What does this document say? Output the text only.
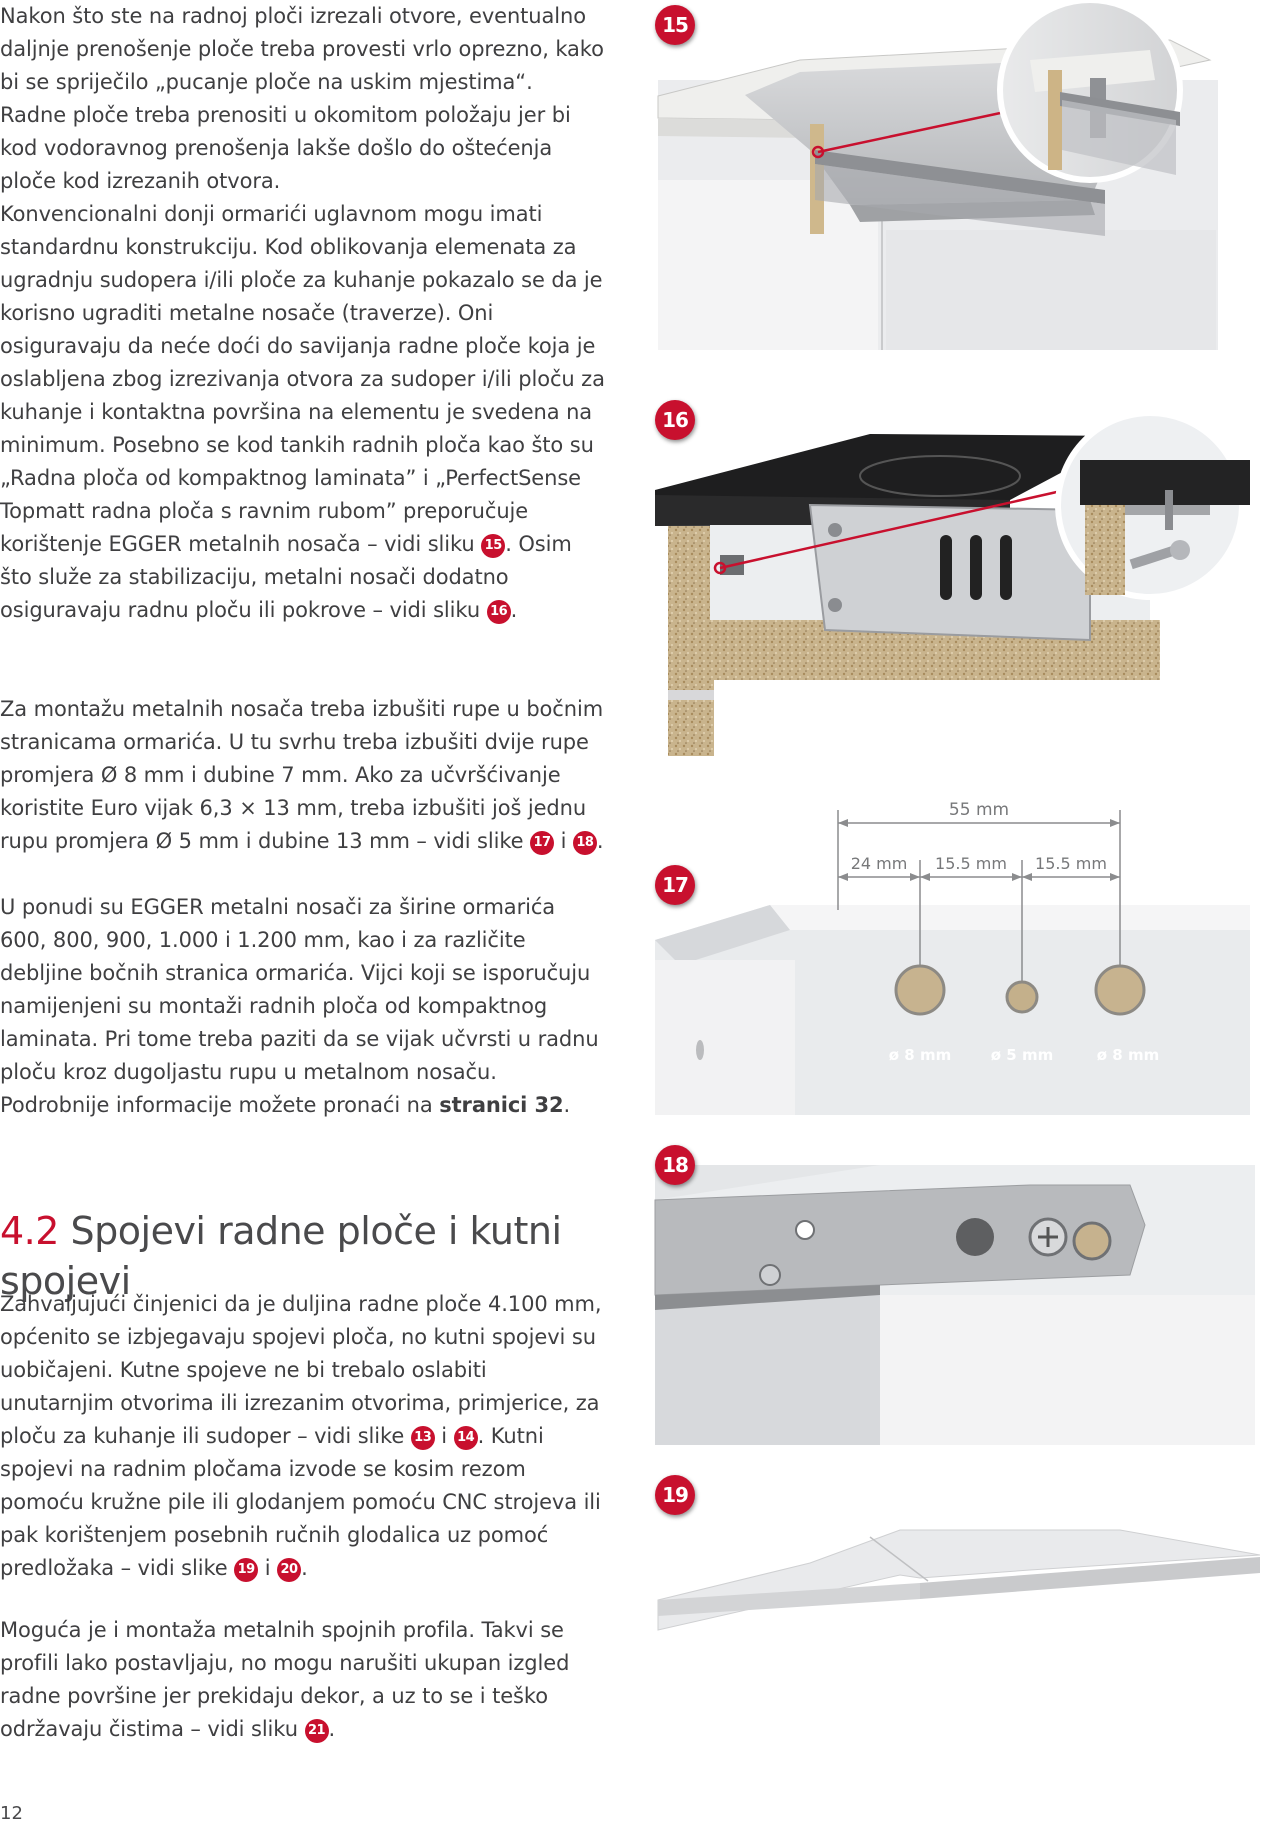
Nakon što ste na radnoj ploči izrezali otvore, eventualno daljnje prenošenje ploče treba provesti vrlo oprezno, kako bi se spriječilo „pucanje ploče na uskim mjestima“. Radne ploče treba prenositi u okomitom položaju jer bi kod vodoravnog prenošenja lakše došlo do oštećenja ploče kod izrezanih otvora.

Konvencionalni donji ormarići uglavnom mogu imati standardnu konstrukciju. Kod oblikovanja elemenata za ugradnju sudopera i/ili ploče za kuhanje pokazalo se da je korisno ugraditi metalne nosače (traverze). Oni osiguravaju da neće doći do savijanja radne ploče koja je oslabljena zbog izrezivanja otvora za sudoper i/ili ploču za kuhanje i kontaktna površina na elementu je svedena na minimum. Posebno se kod tankih radnih ploča kao što su „Radna ploča od kompaktnog laminata” i „PerfectSense Topmatt radna ploča s ravnim rubom” preporučuje korištenje EGGER metalnih nosača – vidi sliku 15 . Osim što služe za stabilizaciju, metalni nosači dodatno osiguravaju radnu ploču ili pokrove – vidi sliku 16 .

Za montažu metalnih nosača treba izbušiti rupe u bočnim stranicama ormarića. U tu svrhu treba izbušiti dvije rupe promjera Ø 8 mm i dubine 7 mm. Ako za učvršćivanje koristite Euro vijak 6,3 × 13 mm, treba izbušiti još jednu rupu promjera Ø 5 mm i dubine 13 mm – vidi slike 17 i 18 .

U ponudi su EGGER metalni nosači za širine ormarića 600, 800, 900, 1.000 i 1.200 mm, kao i za različite debljine bočnih stranica ormarića. Vijci koji se isporučuju namijenjeni su montaži radnih ploča od kompaktnog laminata. Pri tome treba paziti da se vijak učvrsti u radnu ploču kroz dugoljastu rupu u metalnom nosaču. Podrobnije informacije možete pronaći na stranici 32.

4.2 Spojevi radne ploče i kutni spojevi

Zahvaljujući činjenici da je duljina radne ploče 4.100 mm, općenito se izbjegavaju spojevi ploča, no kutni spojevi su uobičajeni. Kutne spojeve ne bi trebalo oslabiti unutarnjim otvorima ili izrezanim otvorima, primjerice, za ploču za kuhanje ili sudoper – vidi slike 13 i 14 . Kutni spojevi na radnim pločama izvode se kosim rezom pomoću kružne pile ili glodanjem pomoću CNC strojeva ili pak korištenjem posebnih ručnih glodalica uz pomoć predložaka – vidi slike 19 i 20 .

Moguća je i montaža metalnih spojnih profila. Takvi se profili lako postavljaju, no mogu narušiti ukupan izgled radne površine jer prekidaju dekor, a uz to se i teško održavaju čistima – vidi sliku 21 .

12
15
16
55 mm
24 mm 15.5 mm 15.5 mm
ø 8 mm	ø 5 mm	ø 8 mm
17
18
19
